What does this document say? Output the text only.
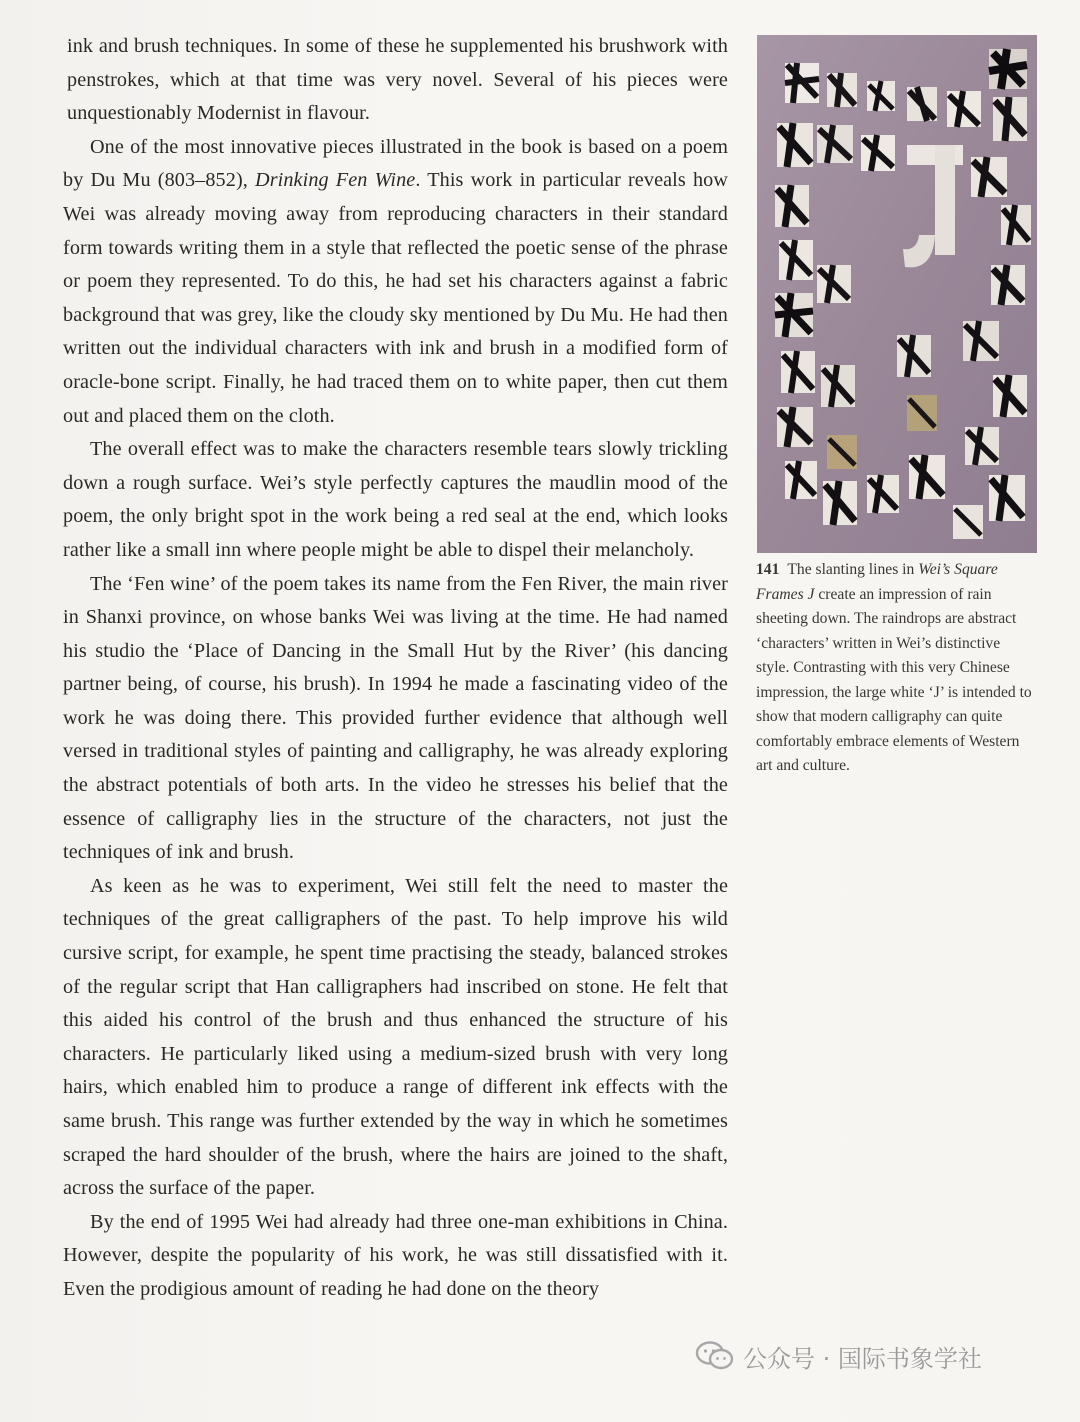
ink and brush techniques. In some of these he supplemented his brushwork with penstrokes, which at that time was very novel. Several of his pieces were unquestionably Modernist in flavour.

One of the most innovative pieces illustrated in the book is based on a poem by Du Mu (803–852), Drinking Fen Wine. This work in particular reveals how Wei was already moving away from reproducing characters in their standard form towards writing them in a style that reflected the poetic sense of the phrase or poem they represented. To do this, he had set his characters against a fabric background that was grey, like the cloudy sky mentioned by Du Mu. He had then written out the individual characters with ink and brush in a modified form of oracle-bone script. Finally, he had traced them on to white paper, then cut them out and placed them on the cloth.

The overall effect was to make the characters resemble tears slowly trickling down a rough surface. Wei’s style perfectly captures the maudlin mood of the poem, the only bright spot in the work being a red seal at the end, which looks rather like a small inn where people might be able to dispel their melancholy.

The ‘Fen wine’ of the poem takes its name from the Fen River, the main river in Shanxi province, on whose banks Wei was living at the time. He had named his studio the ‘Place of Dancing in the Small Hut by the River’ (his dancing partner being, of course, his brush). In 1994 he made a fascinating video of the work he was doing there. This provided further evidence that although well versed in traditional styles of painting and calligraphy, he was already exploring the abstract potentials of both arts. In the video he stresses his belief that the essence of calligraphy lies in the structure of the characters, not just the techniques of ink and brush.

As keen as he was to experiment, Wei still felt the need to master the techniques of the great calligraphers of the past. To help improve his wild cursive script, for example, he spent time practising the steady, balanced strokes of the regular script that Han calligraphers had inscribed on stone. He felt that this aided his control of the brush and thus enhanced the structure of his characters. He particularly liked using a medium-sized brush with very long hairs, which enabled him to produce a range of different ink effects with the same brush. This range was further extended by the way in which he sometimes scraped the hard shoulder of the brush, where the hairs are joined to the shaft, across the surface of the paper.

By the end of 1995 Wei had already had three one-man exhibitions in China. However, despite the popularity of his work, he was still dissatisfied with it. Even the prodigious amount of reading he had done on the theory

141 The slanting lines in Wei’s Square Frames J create an impression of rain sheeting down. The raindrops are abstract ‘characters’ written in Wei’s distinctive style. Contrasting with this very Chinese impression, the large white ‘J’ is intended to show that modern calligraphy can quite comfortably embrace elements of Western art and culture.
公众号 · 国际书象学社
